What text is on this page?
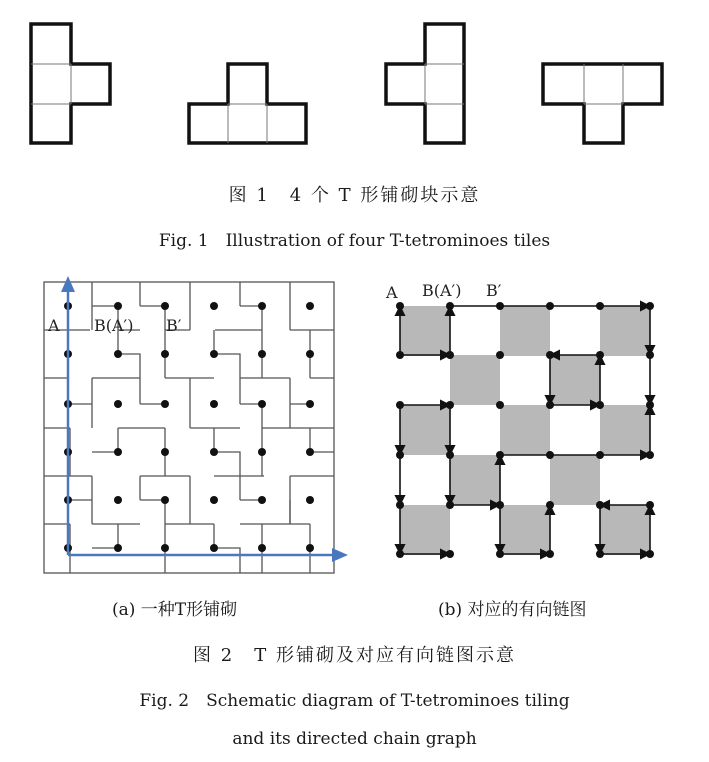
图 1　4 个 T 形铺砌块示意
Fig. 1　Illustration of four T-tetrominoes tiles
A B(A′) B′
A B(A′) B′
(a) 一种T形铺砌	(b) 对应的有向链图
图 2　T 形铺砌及对应有向链图示意
Fig. 2　Schematic diagram of T-tetrominoes tiling
and its directed chain graph
